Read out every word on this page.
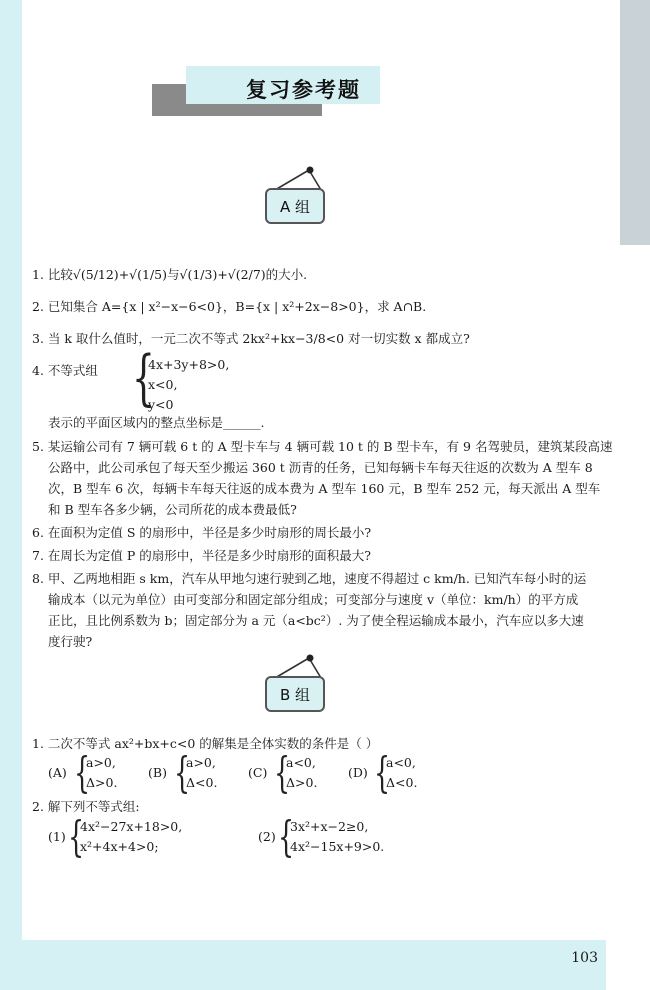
复习参考题
A 组
1. 比较√(5/12)+√(1/5)与√(1/3)+√(2/7)的大小.
2. 已知集合 A={x | x²−x−6<0}，B={x | x²+2x−8>0}，求 A∩B.
3. 当 k 取什么值时，一元二次不等式 2kx²+kx−3/8<0 对一切实数 x 都成立?
4. 不等式组 {
4x+3y+8>0,
x<0,
y<0
表示的平面区域内的整点坐标是______.
5. 某运输公司有 7 辆可载 6 t 的 A 型卡车与 4 辆可载 10 t 的 B 型卡车，有 9 名驾驶员，建筑某段高速
公路中，此公司承包了每天至少搬运 360 t 沥青的任务，已知每辆卡车每天往返的次数为 A 型车 8
次，B 型车 6 次，每辆卡车每天往返的成本费为 A 型车 160 元，B 型车 252 元，每天派出 A 型车
和 B 型车各多少辆，公司所花的成本费最低?
6. 在面积为定值 S 的扇形中，半径是多少时扇形的周长最小?
7. 在周长为定值 P 的扇形中，半径是多少时扇形的面积最大?
8. 甲、乙两地相距 s km，汽车从甲地匀速行驶到乙地，速度不得超过 c km/h. 已知汽车每小时的运
输成本（以元为单位）由可变部分和固定部分组成；可变部分与速度 v（单位：km/h）的平方成
正比，且比例系数为 b；固定部分为 a 元（a<bc²）. 为了使全程运输成本最小，汽车应以多大速
度行驶?
B 组
1. 二次不等式 ax²+bx+c<0 的解集是全体实数的条件是（ ）
(A) {
a>0,
Δ>0.
(B) {
a>0,
Δ<0.
(C) {
a<0,
Δ>0.
(D) {
a<0,
Δ<0.
2. 解下列不等式组:
(1) {
4x²−27x+18>0,
x²+4x+4>0;
(2) {
3x²+x−2≥0,
4x²−15x+9>0.
103
